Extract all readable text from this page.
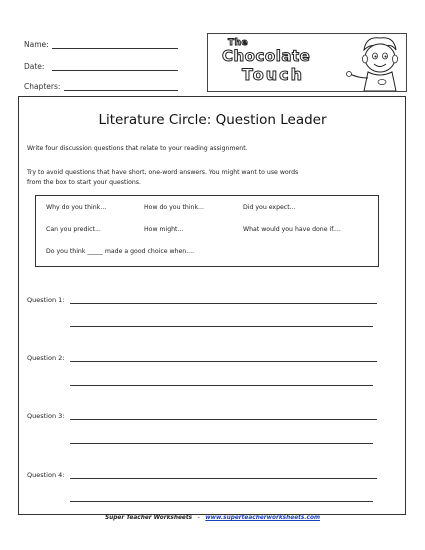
Name:
Date:
Chapters:
The
Chocolate
Touch
Literature Circle: Question Leader
Write four discussion questions that relate to your reading assignment.
Try to avoid questions that have short, one-word answers. You might want to use words
from the box to start your questions.
Why do you think...	How do you think...	Did you expect...
Can you predict...	How might...	What would you have done if....
Do you think _____ made a good choice when....
Question 1:
Question 2:
Question 3:
Question 4:
Super Teacher Worksheets - www.superteacherworksheets.com
